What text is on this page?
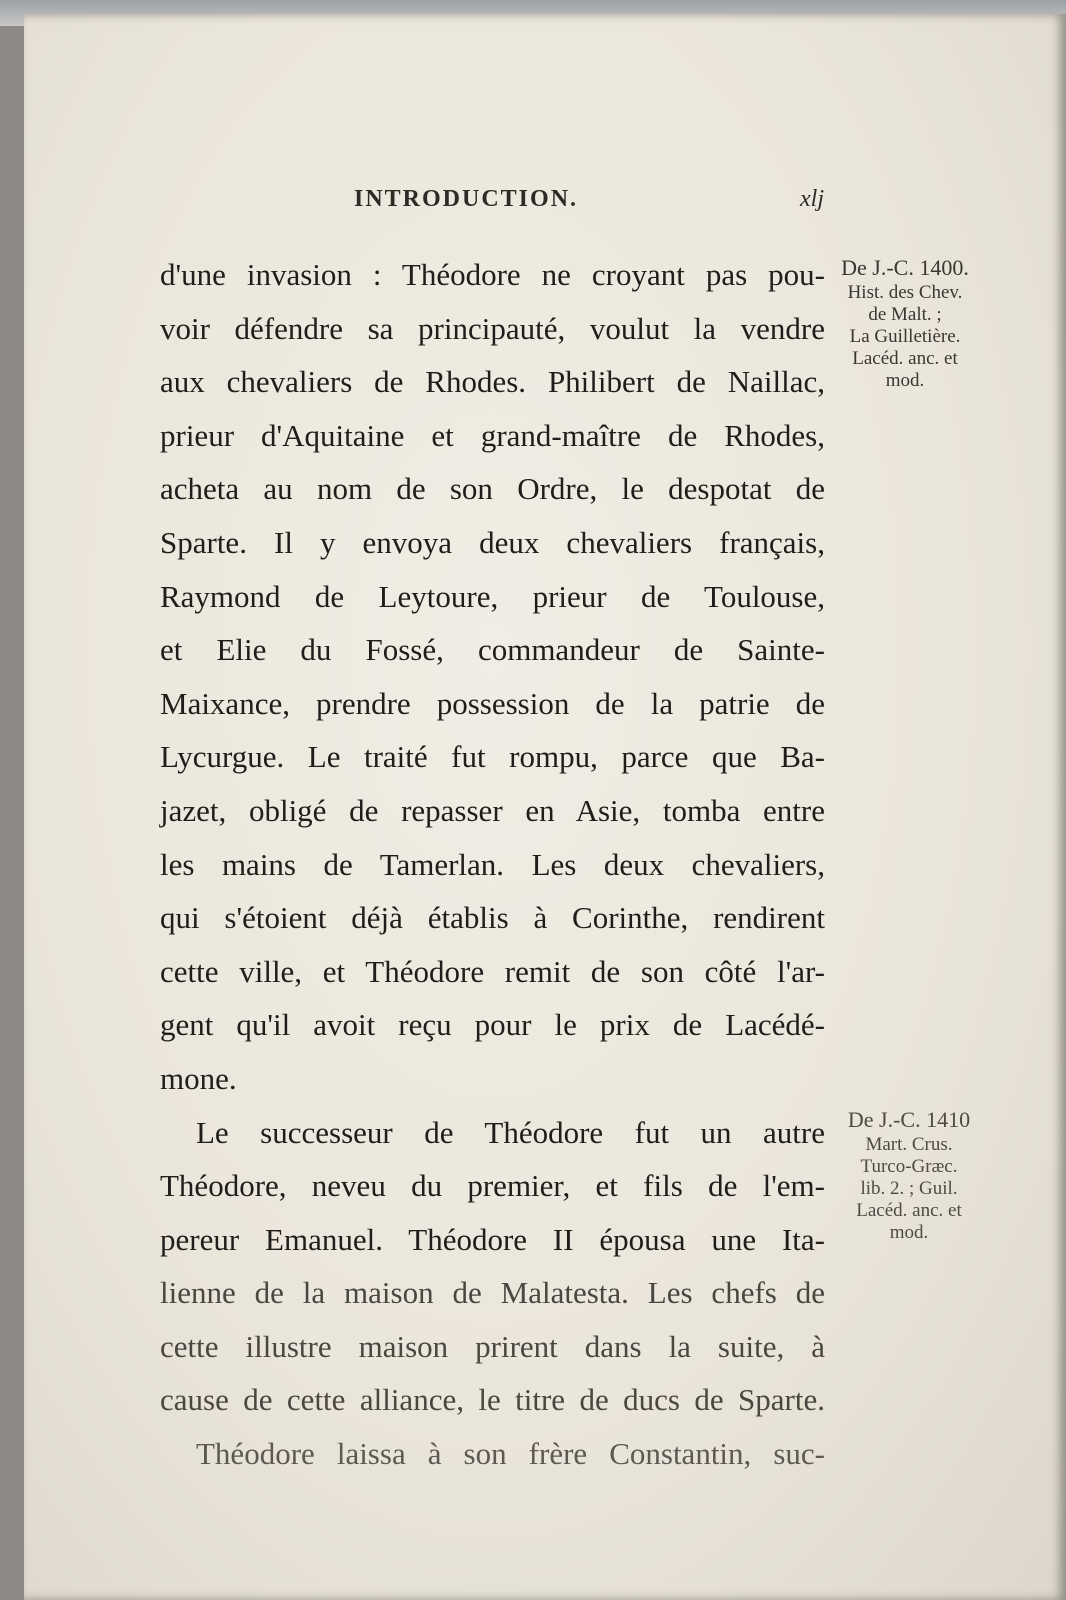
INTRODUCTION.	xlj
d'une invasion : Théodore ne croyant pas pou-
voir défendre sa principauté, voulut la vendre
aux chevaliers de Rhodes. Philibert de Naillac,
prieur d'Aquitaine et grand-maître de Rhodes,
acheta au nom de son Ordre, le despotat de
Sparte. Il y envoya deux chevaliers français,
Raymond de Leytoure, prieur de Toulouse,
et Elie du Fossé, commandeur de Sainte-
Maixance, prendre possession de la patrie de
Lycurgue. Le traité fut rompu, parce que Ba-
jazet, obligé de repasser en Asie, tomba entre
les mains de Tamerlan. Les deux chevaliers,
qui s'étoient déjà établis à Corinthe, rendirent
cette ville, et Théodore remit de son côté l'ar-
gent qu'il avoit reçu pour le prix de Lacédé-
mone.
Le successeur de Théodore fut un autre
Théodore, neveu du premier, et fils de l'em-
pereur Emanuel. Théodore II épousa une Ita-
lienne de la maison de Malatesta. Les chefs de
cette illustre maison prirent dans la suite, à
cause de cette alliance, le titre de ducs de Sparte.
Théodore laissa à son frère Constantin, suc-
De J.-C. 1400.
Hist. des Chev.
de Malt. ;
La Guilletière.
Lacéd. anc. et
mod.
De J.-C. 1410
Mart. Crus.
Turco-Græc.
lib. 2. ; Guil.
Lacéd. anc. et
mod.
